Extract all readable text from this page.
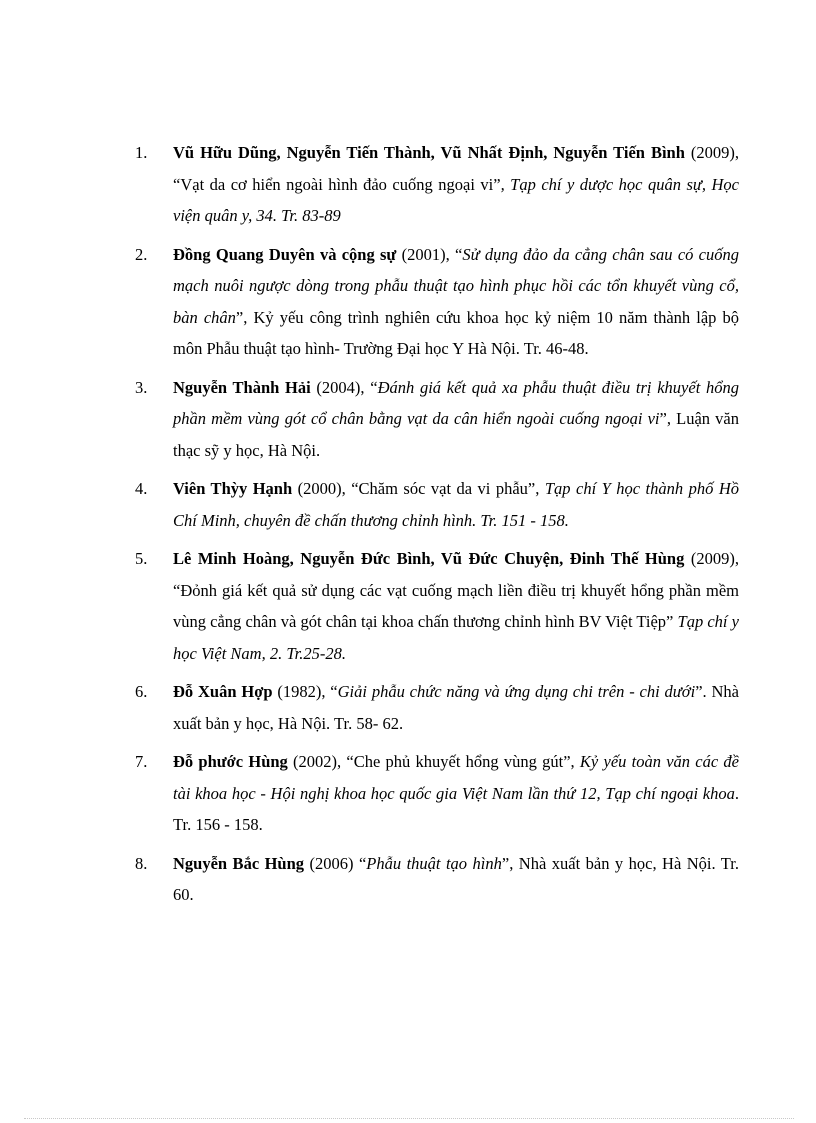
1. Vũ Hữu Dũng, Nguyễn Tiến Thành, Vũ Nhất Định, Nguyễn Tiến Bình (2009), “Vạt da cơ hiển ngoài hình đảo cuống ngoại vi”, Tạp chí y dược học quân sự, Học viện quân y, 34. Tr. 83-89
2. Đồng Quang Duyên và cộng sự (2001), “Sử dụng đảo da cẳng chân sau có cuống mạch nuôi ngược dòng trong phẫu thuật tạo hình phục hồi các tổn khuyết vùng cổ, bàn chân”, Kỷ yếu công trình nghiên cứu khoa học kỷ niệm 10 năm thành lập bộ môn Phẫu thuật tạo hình- Trường Đại học Y Hà Nội. Tr. 46-48.
3. Nguyễn Thành Hải (2004), “Đánh giá kết quả xa phẫu thuật điều trị khuyết hổng phần mềm vùng gót cổ chân bằng vạt da cân hiển ngoài cuống ngoại vi”, Luận văn thạc sỹ y học, Hà Nội.
4. Viên Thỳy Hạnh (2000), “Chăm sóc vạt da vi phẫu”, Tạp chí Y học thành phố Hồ Chí Minh, chuyên đề chấn thương chỉnh hình. Tr. 151 - 158.
5. Lê Minh Hoàng, Nguyễn Đức Bình, Vũ Đức Chuyện, Đinh Thế Hùng (2009), “Đỏnh giá kết quả sử dụng các vạt cuống mạch liền điều trị khuyết hổng phần mềm vùng cẳng chân và gót chân tại khoa chấn thương chỉnh hình BV Việt Tiệp” Tạp chí y học Việt Nam, 2. Tr.25-28.
6. Đỗ Xuân Hợp (1982), “Giải phẫu chức năng và ứng dụng chi trên - chi dưới”. Nhà xuất bản y học, Hà Nội. Tr. 58- 62.
7. Đỗ phước Hùng (2002), “Che phủ khuyết hổng vùng gút”, Kỷ yếu toàn văn các đề tài khoa học - Hội nghị khoa học quốc gia Việt Nam lần thứ 12, Tạp chí ngoại khoa. Tr. 156 - 158.
8. Nguyễn Bắc Hùng (2006) “Phẫu thuật tạo hình”, Nhà xuất bản y học, Hà Nội. Tr. 60.
